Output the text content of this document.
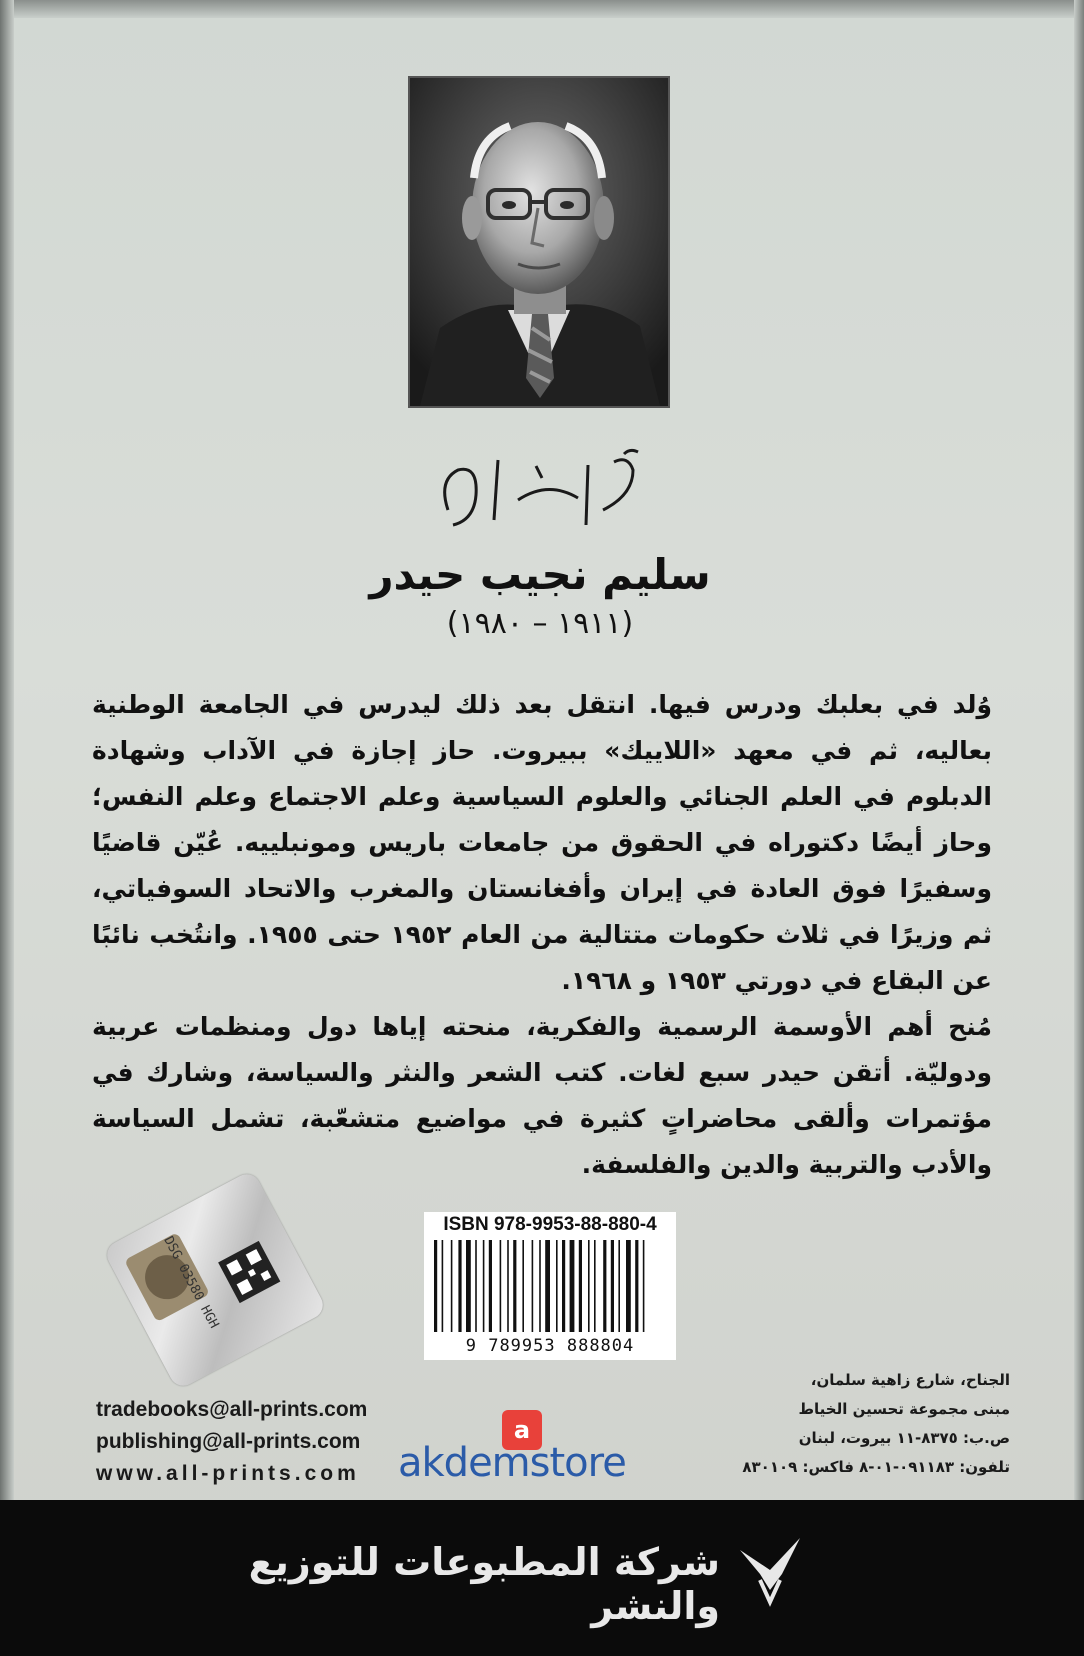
سليم نجيب حيدر
(١٩١١ – ١٩٨٠)

وُلد في بعلبك ودرس فيها. انتقل بعد ذلك ليدرس في الجامعة الوطنية بعاليه، ثم في معهد «اللاييك» ببيروت. حاز إجازة في الآداب وشهادة الدبلوم في العلم الجنائي والعلوم السياسية وعلم الاجتماع وعلم النفس؛ وحاز أيضًا دكتوراه في الحقوق من جامعات باريس ومونبلييه. عُيّن قاضيًا وسفيرًا فوق العادة في إيران وأفغانستان والمغرب والاتحاد السوفياتي، ثم وزيرًا في ثلاث حكومات متتالية من العام ١٩٥٢ حتى ١٩٥٥. وانتُخب نائبًا عن البقاع في دورتي ١٩٥٣ و ١٩٦٨.

مُنح أهم الأوسمة الرسمية والفكرية، منحته إياها دول ومنظمات عربية ودوليّة. أتقن حيدر سبع لغات. كتب الشعر والنثر والسياسة، وشارك في مؤتمرات وألقى محاضراتٍ كثيرة في مواضيع متشعّبة، تشمل السياسة والأدب والتربية والدين والفلسفة.

DSG 03580 HGH
ISBN 978-9953-88-880-4
9 789953 888804
tradebooks@all-prints.com
publishing@all-prints.com
www.all-prints.com
الجناح، شارع زاهية سلمان،
مبنى مجموعة تحسين الخياط
ص.ب: ٨٣٧٥-١١ بيروت، لبنان
تلفون: ٠٩١١٨٣-٠١-٨ فاكس: ٨٣٠١٠٩
a
akdemstore
شركة المطبوعات للتوزيع والنشر
